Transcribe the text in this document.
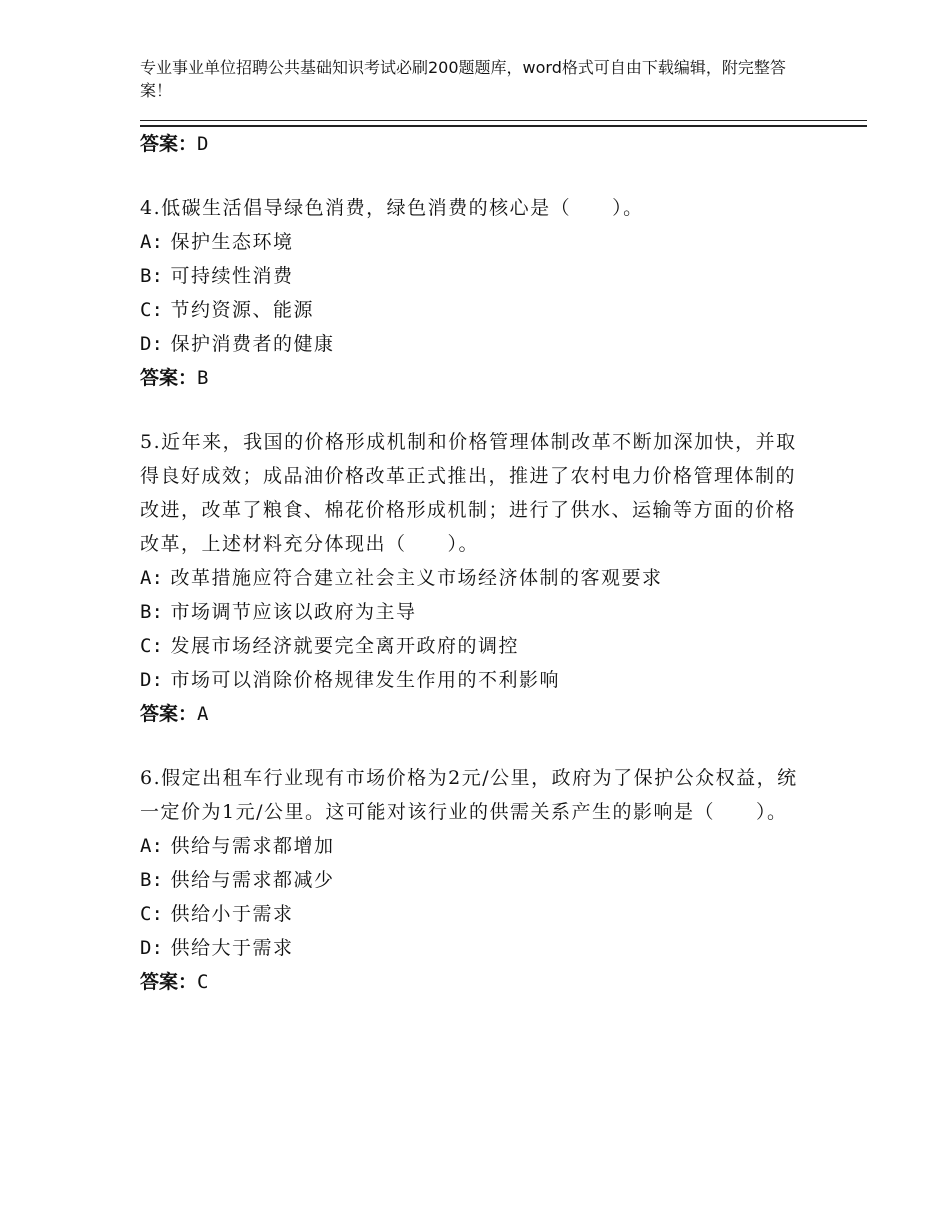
专业事业单位招聘公共基础知识考试必刷200题题库，word格式可自由下载编辑，附完整答案！
答案：D
4.低碳生活倡导绿色消费，绿色消费的核心是（　　）。
A: 保护生态环境
B: 可持续性消费
C: 节约资源、能源
D: 保护消费者的健康
答案：B
5.近年来，我国的价格形成机制和价格管理体制改革不断加深加快，并取得良好成效；成品油价格改革正式推出，推进了农村电力价格管理体制的改进，改革了粮食、棉花价格形成机制；进行了供水、运输等方面的价格改革，上述材料充分体现出（　　）。
A: 改革措施应符合建立社会主义市场经济体制的客观要求
B: 市场调节应该以政府为主导
C: 发展市场经济就要完全离开政府的调控
D: 市场可以消除价格规律发生作用的不利影响
答案：A
6.假定出租车行业现有市场价格为2元/公里，政府为了保护公众权益，统一定价为1元/公里。这可能对该行业的供需关系产生的影响是（　　）。
A: 供给与需求都增加
B: 供给与需求都减少
C: 供给小于需求
D: 供给大于需求
答案：C
